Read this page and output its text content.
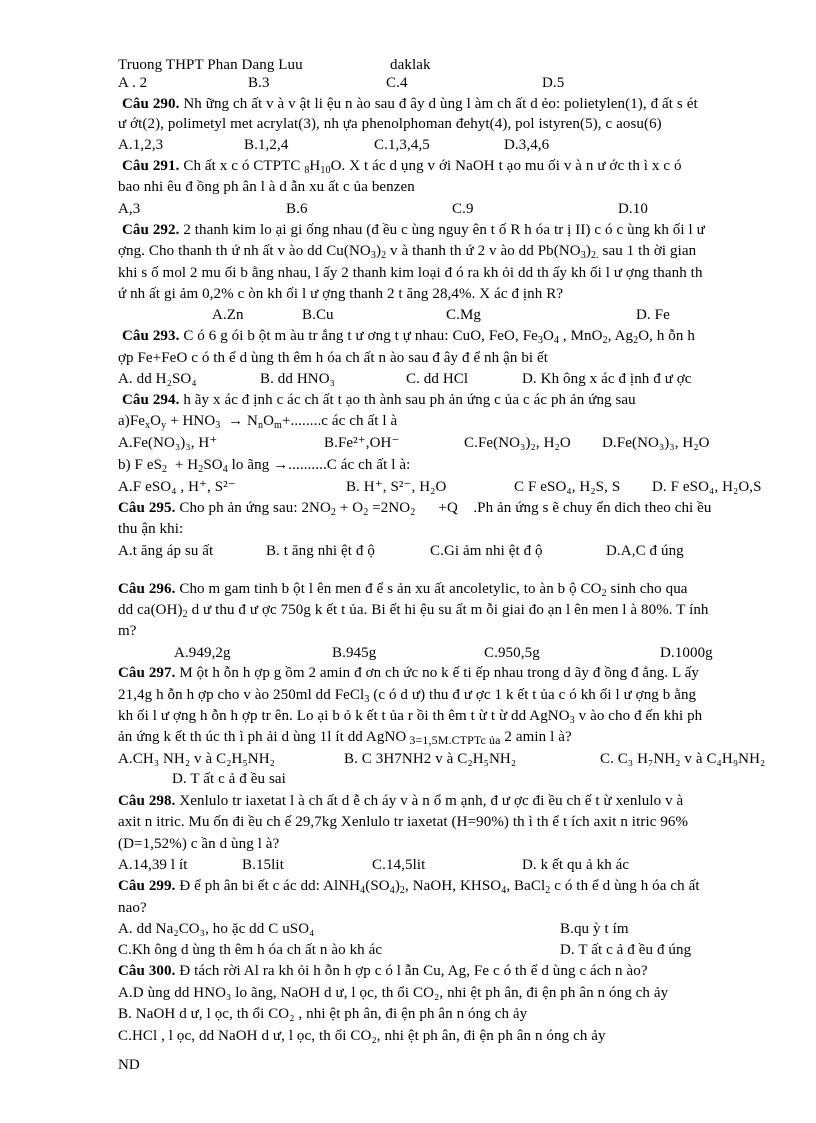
Truong THPT Phan Dang Luu	daklak
A . 2	B.3	C.4	D.5
Câu 290. Nh ững ch ất v à v ật li ệu n ào sau đ ây d ùng l àm ch ất d ẻo: polietylen(1), đ ất s ét
ư ớt(2), polimetyl met acrylat(3), nh ựa phenolphoman đehyt(4), pol istyren(5), c aosu(6)
A.1,2,3	B.1,2,4	C.1,3,4,5	D.3,4,6
Câu 291. Ch ất x c ó CTPTC $_8H_{10}O$. X t ác d ụng v ới NaOH t ạo mu ối v à n ư ớc th ì x c ó
bao nhi êu đ ồng ph ân l à d ẫn xu ất c ủa benzen
A,3	B.6	C.9	D.10
Câu 292. 2 thanh kim lo ại gi ống nhau (đ ều c ùng nguy ên t ố R h óa tr ị II) c ó c ùng kh ối l ư
ợng. Cho thanh th ứ nh ất v ào dd $Cu(NO_3)_2$ v à thanh th ứ 2 v ào dd $Pb(NO_3)_{2.}$ sau 1 th ời gian
khi s ố mol 2 mu ối b ằng nhau, l ấy 2 thanh kim loại đ ó ra kh ỏi dd th ấy kh ối l ư ợng thanh th
ứ nh ất gi ảm 0,2% c òn kh ối l ư ợng thanh 2 t ăng 28,4%. X ác đ ịnh R?
A.Zn	B.Cu	C.Mg	D. Fe
Câu 293. C ó 6 g ói b ột m àu tr ắng t ư ơng t ự nhau: CuO, FeO, $Fe_3O_4$ , MnO$_2$, $Ag_2O$, h ỗn h
ợp Fe+FeO c ó th ể d ùng th êm h óa ch ất n ào sau đ ây đ ể nh ận bi ết
A. dd H₂SO₄	B. dd HNO₃	C. dd HCl	D. Kh ông x ác đ ịnh đ ư ợc
Câu 294. h ãy x ác đ ịnh c ác ch ất t ạo th ành sau ph ản ứng c ủa c ác ph ản ứng sau
$a)Fe_xO_y + HNO_3 \to N_nO_m+........c$ ác ch ất l à
A.Fe(NO₃)₃, H⁺	B.Fe²⁺,OH⁻	C.Fe(NO₃)₂, H₂O D.Fe(NO₃)₃, H₂O
b) F $eS_2 + H_2SO_4$ lo ãng →..........C ác ch ất l à:
A.F eSO₄ , H⁺, S²⁻	B. H⁺, S²⁻, H₂O	C F eSO₄, H₂S, S D. F eSO₄, H₂O,S
Câu 295. Cho ph ản ứng sau: $2NO_2 + O_2 =2NO_2$      +Q    .Ph ản ứng s ẽ chuy ển dich theo chi ều
thu ận khi:
A.t ăng áp su ất	B. t ăng nhi ệt đ ộ	C.Gi ảm nhi ệt đ ộ	D.A,C đ úng
Câu 296. Cho m gam tinh b ột l ên men đ ể s ản xu ất ancoletylic, to àn b ộ $CO_2$ sinh cho qua
dd $ca(OH)_2$ d ư thu đ ư ợc 750g k ết t ủa. Bi ết hi ệu su ất m ỗi giai đo ạn l ên men l à 80%. T ính
m?
A.949,2g	B.945g	C.950,5g	D.1000g
Câu 297. M ột h ỗn h ợp g ồm 2 amin đ ơn ch ức no k ế ti ếp nhau trong d ãy đ ồng đ ẳng. L ấy
21,4g h ỗn h ợp cho v ào 250ml dd FeCl$_3$ (c ó d ư) thu đ ư ợc 1 k ết t ủa c ó kh ối l ư ợng b ằng
kh ối l ư ợng h ỗn h ợp tr ên. Lo ại b ỏ k ết t ủa r ồi th êm t ừ t ừ dd AgNO$_3$ v ào cho đ ến khi ph
ản ứng k ết th úc th ì ph ải d ùng 1l ít dd AgNO $_{3=1,5M.CTPTc ủa}$ 2 amin l à?
A.CH₃ NH₂ v à C₂H₅NH₂	B. C 3H7NH2 v à C₂H₅NH₂	C. C₃ H₇NH₂ v à C₄H₉NH₂
D. T ất c ả đ ều sai
Câu 298. Xenlulo tr iaxetat l à ch ất d ễ ch áy v à n ổ m ạnh, đ ư ợc đi ều ch ế t ừ xenlulo v à
axit n itric. Mu ốn đi ều ch ế 29,7kg Xenlulo tr iaxetat (H=90%) th ì th ể t ích axit n itric 96%
(D=1,52%) c ần d ùng l à?
A.14,39 l ít	B.15lit	C.14,5lit	D. k ết qu ả kh ác
Câu 299. Đ ể ph ân bi ết c ác dd: $AlNH_4(SO_4)_2$, NaOH, $KHSO_4$, BaCl$_2$ c ó th ể d ùng h óa ch ất
nao?
A. dd Na₂CO₃, ho ặc dd C uSO₄	B.qu ỳ t ím
C.Kh ông d ùng th êm h óa ch ất n ào kh ác	D. T ất c ả đ ều đ úng
Câu 300. Đ tách rời Al ra kh ỏi h ỗn h ợp c ó l ẫn Cu, Ag, Fe c ó th ể d ùng c ách n ào?
A.D ùng dd HNO₃ lo ãng, NaOH d ư, l ọc, th ổi CO₂, nhi ệt ph ân, đi ện ph ân n óng ch ảy
B. NaOH d ư, l ọc, th ổi CO₂ , nhi ệt ph ân, đi ện ph ân n óng ch ảy
C.HCl , l ọc, dd NaOH d ư, l ọc, th ổi CO₂, nhi ệt ph ân, đi ện ph ân n óng ch ảy
ND
